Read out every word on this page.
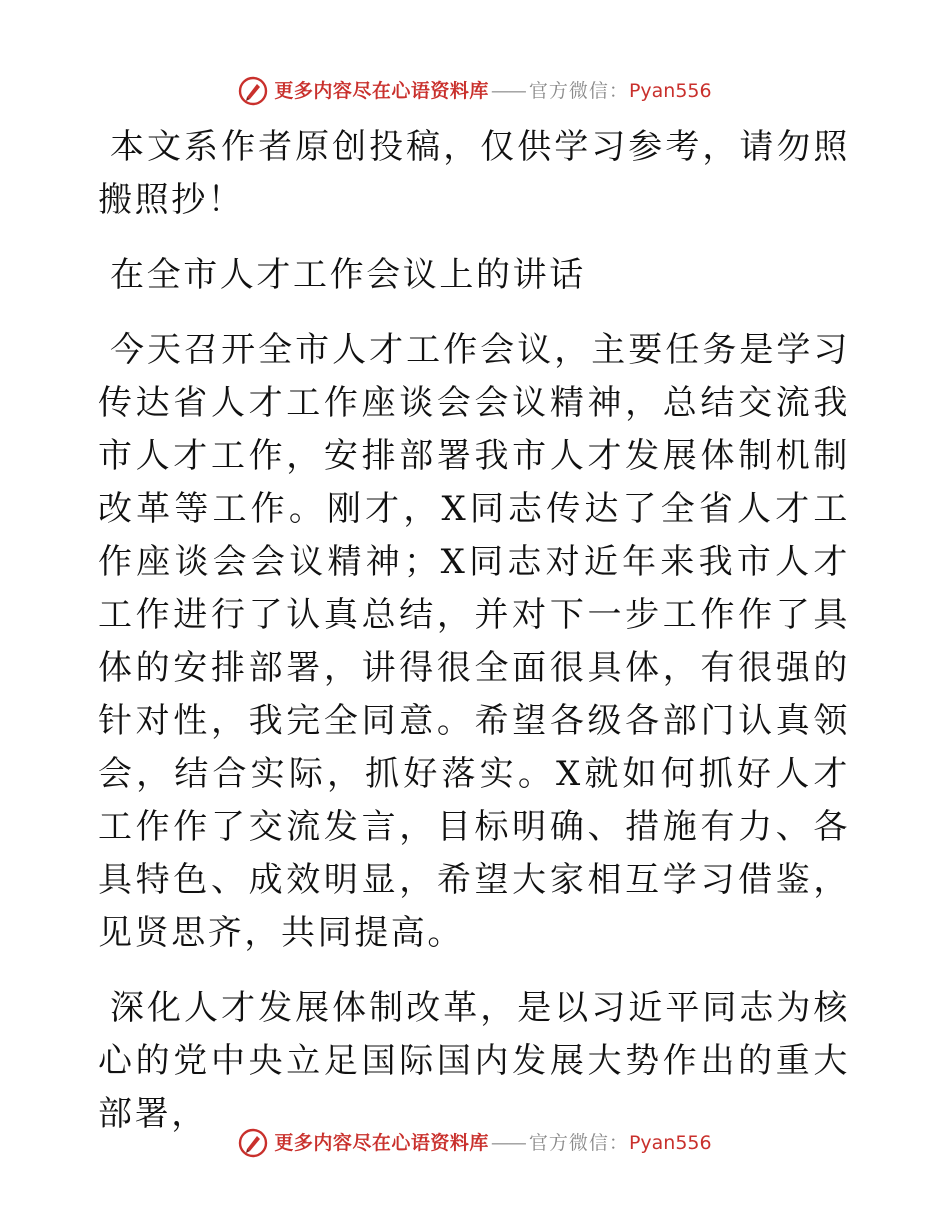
更多内容尽在心语资料库 —— 官方微信： Pyan556

本文系作者原创投稿，仅供学习参考，请勿照搬照抄！

在全市人才工作会议上的讲话

今天召开全市人才工作会议，主要任务是学习传达省人才工作座谈会会议精神，总结交流我市人才工作，安排部署我市人才发展体制机制改革等工作。刚才，X同志传达了全省人才工作座谈会会议精神；X同志对近年来我市人才工作进行了认真总结，并对下一步工作作了具体的安排部署，讲得很全面很具体，有很强的针对性，我完全同意。希望各级各部门认真领会，结合实际，抓好落实。X就如何抓好人才工作作了交流发言，目标明确、措施有力、各具特色、成效明显，希望大家相互学习借鉴，见贤思齐，共同提高。

深化人才发展体制改革，是以习近平同志为核心的党中央立足国际国内发展大势作出的重大部署，

更多内容尽在心语资料库 —— 官方微信： Pyan556
